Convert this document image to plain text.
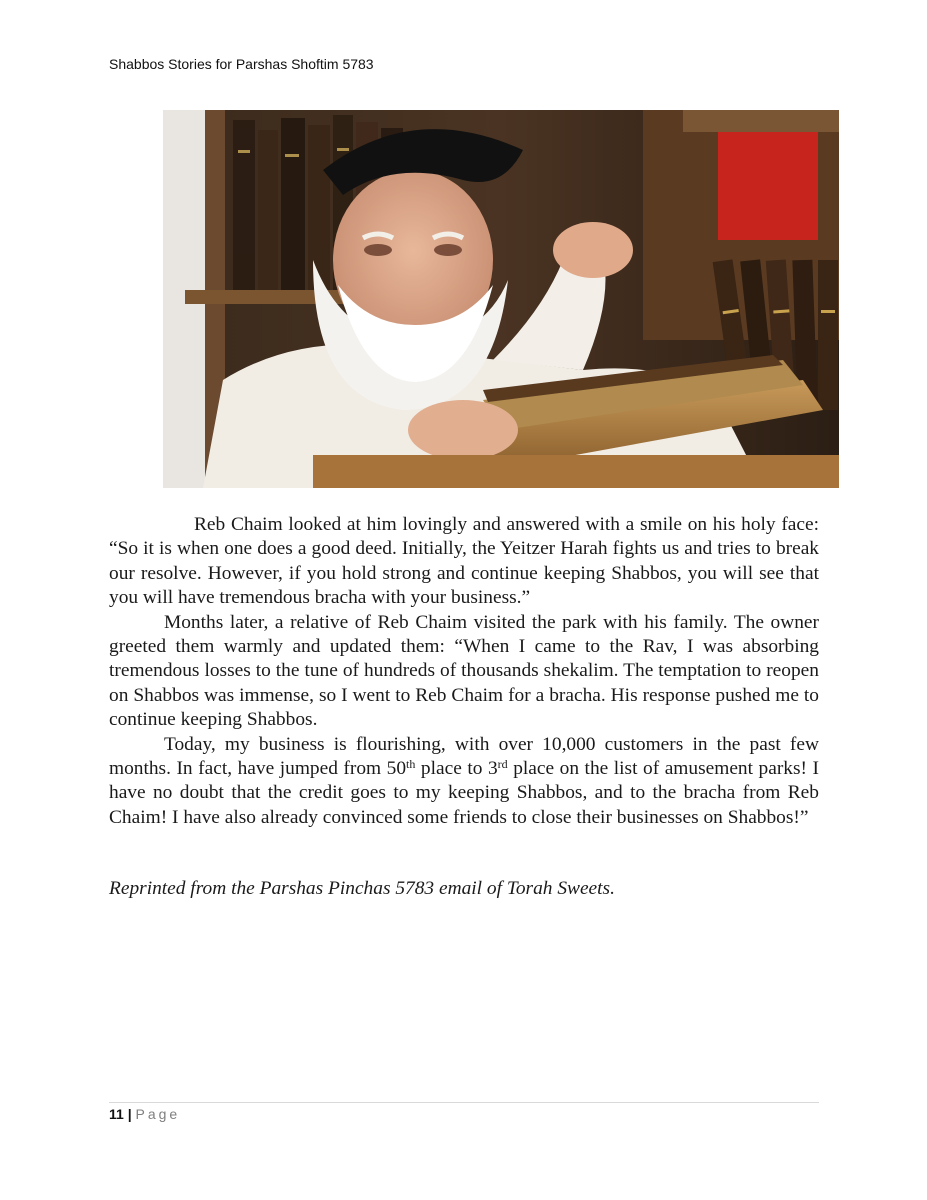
Shabbos Stories for Parshas Shoftim 5783

Reb Chaim looked at him lovingly and answered with a smile on his holy face: “So it is when one does a good deed. Initially, the Yeitzer Harah fights us and tries to break our resolve. However, if you hold strong and continue keeping Shabbos, you will see that you will have tremendous bracha with your business.”

Months later, a relative of Reb Chaim visited the park with his family. The owner greeted them warmly and updated them: “When I came to the Rav, I was absorbing tremendous losses to the tune of hundreds of thousands shekalim. The temptation to reopen on Shabbos was immense, so I went to Reb Chaim for a bracha. His response pushed me to continue keeping Shabbos.

Today, my business is flourishing, with over 10,000 customers in the past few months. In fact, have jumped from 50th place to 3rd place on the list of amusement parks! I have no doubt that the credit goes to my keeping Shabbos, and to the bracha from Reb Chaim! I have also already convinced some friends to close their businesses on Shabbos!”

Reprinted from the Parshas Pinchas 5783 email of Torah Sweets.
11 | Page
